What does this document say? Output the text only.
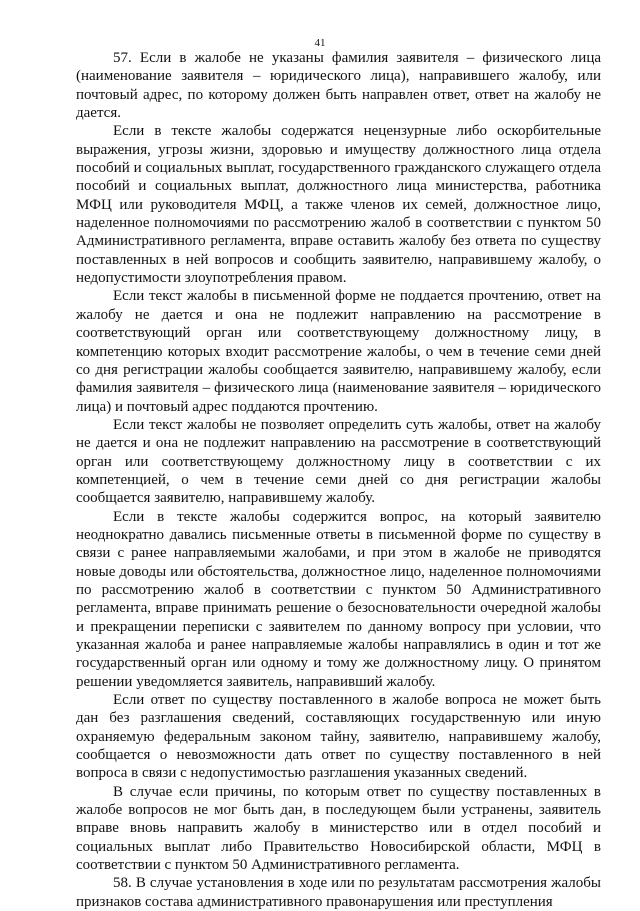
41

57. Если в жалобе не указаны фамилия заявителя – физического лица (наименование заявителя – юридического лица), направившего жалобу, или почтовый адрес, по которому должен быть направлен ответ, ответ на жалобу не дается.

Если в тексте жалобы содержатся нецензурные либо оскорбительные выражения, угрозы жизни, здоровью и имуществу должностного лица отдела пособий и социальных выплат, государственного гражданского служащего отдела пособий и социальных выплат, должностного лица министерства, работника МФЦ или руководителя МФЦ, а также членов их семей, должностное лицо, наделенное полномочиями по рассмотрению жалоб в соответствии с пунктом 50 Административного регламента, вправе оставить жалобу без ответа по существу поставленных в ней вопросов и сообщить заявителю, направившему жалобу, о недопустимости злоупотребления правом.

Если текст жалобы в письменной форме не поддается прочтению, ответ на жалобу не дается и она не подлежит направлению на рассмотрение в соответствующий орган или соответствующему должностному лицу, в компетенцию которых входит рассмотрение жалобы, о чем в течение семи дней со дня регистрации жалобы сообщается заявителю, направившему жалобу, если фамилия заявителя – физического лица (наименование заявителя – юридического лица) и почтовый адрес поддаются прочтению.

Если текст жалобы не позволяет определить суть жалобы, ответ на жалобу не дается и она не подлежит направлению на рассмотрение в соответствующий орган или соответствующему должностному лицу в соответствии с их компетенцией, о чем в течение семи дней со дня регистрации жалобы сообщается заявителю, направившему жалобу.

Если в тексте жалобы содержится вопрос, на который заявителю неоднократно давались письменные ответы в письменной форме по существу в связи с ранее направляемыми жалобами, и при этом в жалобе не приводятся новые доводы или обстоятельства, должностное лицо, наделенное полномочиями по рассмотрению жалоб в соответствии с пунктом 50 Административного регламента, вправе принимать решение о безосновательности очередной жалобы и прекращении переписки с заявителем по данному вопросу при условии, что указанная жалоба и ранее направляемые жалобы направлялись в один и тот же государственный орган или одному и тому же должностному лицу. О принятом решении уведомляется заявитель, направивший жалобу.

Если ответ по существу поставленного в жалобе вопроса не может быть дан без разглашения сведений, составляющих государственную или иную охраняемую федеральным законом тайну, заявителю, направившему жалобу, сообщается о невозможности дать ответ по существу поставленного в ней вопроса в связи с недопустимостью разглашения указанных сведений.

В случае если причины, по которым ответ по существу поставленных в жалобе вопросов не мог быть дан, в последующем были устранены, заявитель вправе вновь направить жалобу в министерство или в отдел пособий и социальных выплат либо Правительство Новосибирской области, МФЦ в соответствии с пунктом 50 Административного регламента.

58. В случае установления в ходе или по результатам рассмотрения жалобы признаков состава административного правонарушения или преступления
